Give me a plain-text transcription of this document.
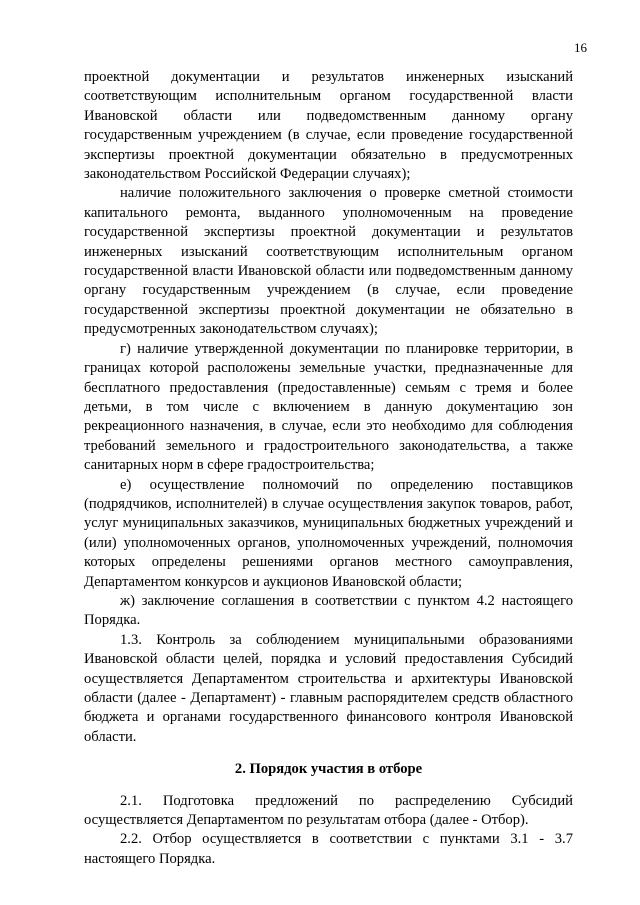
16

проектной документации и результатов инженерных изысканий соответствующим исполнительным органом государственной власти Ивановской области или подведомственным данному органу государственным учреждением (в случае, если проведение государственной экспертизы проектной документации обязательно в предусмотренных законодательством Российской Федерации случаях);

наличие положительного заключения о проверке сметной стоимости капитального ремонта, выданного уполномоченным на проведение государственной экспертизы проектной документации и результатов инженерных изысканий соответствующим исполнительным органом государственной власти Ивановской области или подведомственным данному органу государственным учреждением (в случае, если проведение государственной экспертизы проектной документации не обязательно в предусмотренных законодательством случаях);

г) наличие утвержденной документации по планировке территории, в границах которой расположены земельные участки, предназначенные для бесплатного предоставления (предоставленные) семьям с тремя и более детьми, в том числе с включением в данную документацию зон рекреационного назначения, в случае, если это необходимо для соблюдения требований земельного и градостроительного законодательства, а также санитарных норм в сфере градостроительства;

е) осуществление полномочий по определению поставщиков (подрядчиков, исполнителей) в случае осуществления закупок товаров, работ, услуг муниципальных заказчиков, муниципальных бюджетных учреждений и (или) уполномоченных органов, уполномоченных учреждений, полномочия которых определены решениями органов местного самоуправления, Департаментом конкурсов и аукционов Ивановской области;

ж) заключение соглашения в соответствии с пунктом 4.2 настоящего Порядка.

1.3. Контроль за соблюдением муниципальными образованиями Ивановской области целей, порядка и условий предоставления Субсидий осуществляется Департаментом строительства и архитектуры Ивановской области (далее - Департамент) - главным распорядителем средств областного бюджета и органами государственного финансового контроля Ивановской области.

2. Порядок участия в отборе

2.1. Подготовка предложений по распределению Субсидий осуществляется Департаментом по результатам отбора (далее - Отбор).

2.2. Отбор осуществляется в соответствии с пунктами 3.1 - 3.7 настоящего Порядка.
